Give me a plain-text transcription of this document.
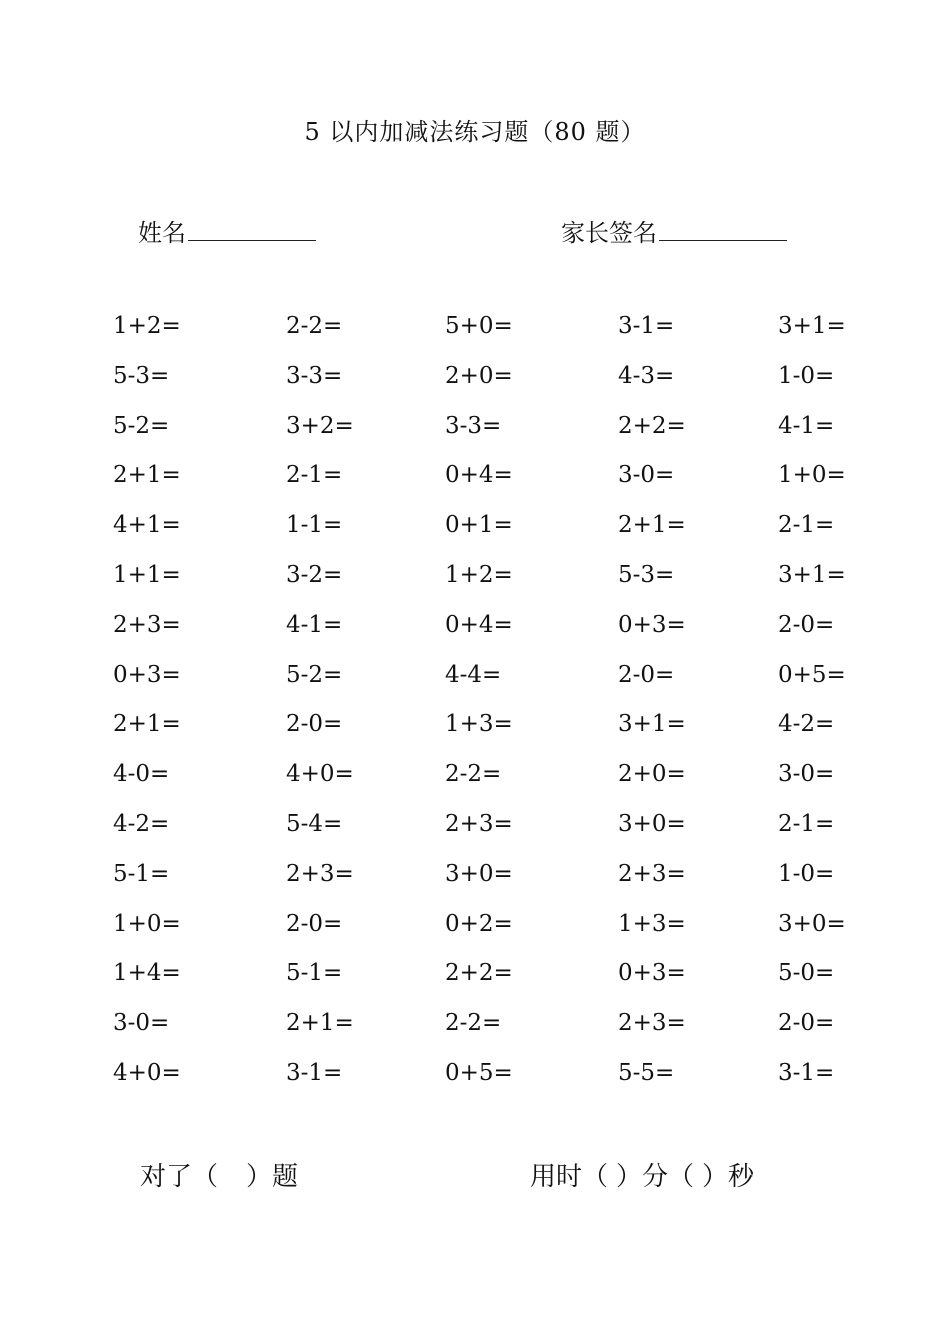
5 以内加减法练习题（80 题）
姓名	家长签名
1+2=	2-2=	5+0=	3-1=	3+1=
5-3=	3-3=	2+0=	4-3=	1-0=
5-2=	3+2=	3-3=	2+2=	4-1=
2+1=	2-1=	0+4=	3-0=	1+0=
4+1=	1-1=	0+1=	2+1=	2-1=
1+1=	3-2=	1+2=	5-3=	3+1=
2+3=	4-1=	0+4=	0+3=	2-0=
0+3=	5-2=	4-4=	2-0=	0+5=
2+1=	2-0=	1+3=	3+1=	4-2=
4-0=	4+0=	2-2=	2+0=	3-0=
4-2=	5-4=	2+3=	3+0=	2-1=
5-1=	2+3=	3+0=	2+3=	1-0=
1+0=	2-0=	0+2=	1+3=	3+0=
1+4=	5-1=	2+2=	0+3=	5-0=
3-0=	2+1=	2-2=	2+3=	2-0=
4+0=	3-1=	0+5=	5-5=	3-1=
对了（ ）题	用时（ ）分（ ）秒
